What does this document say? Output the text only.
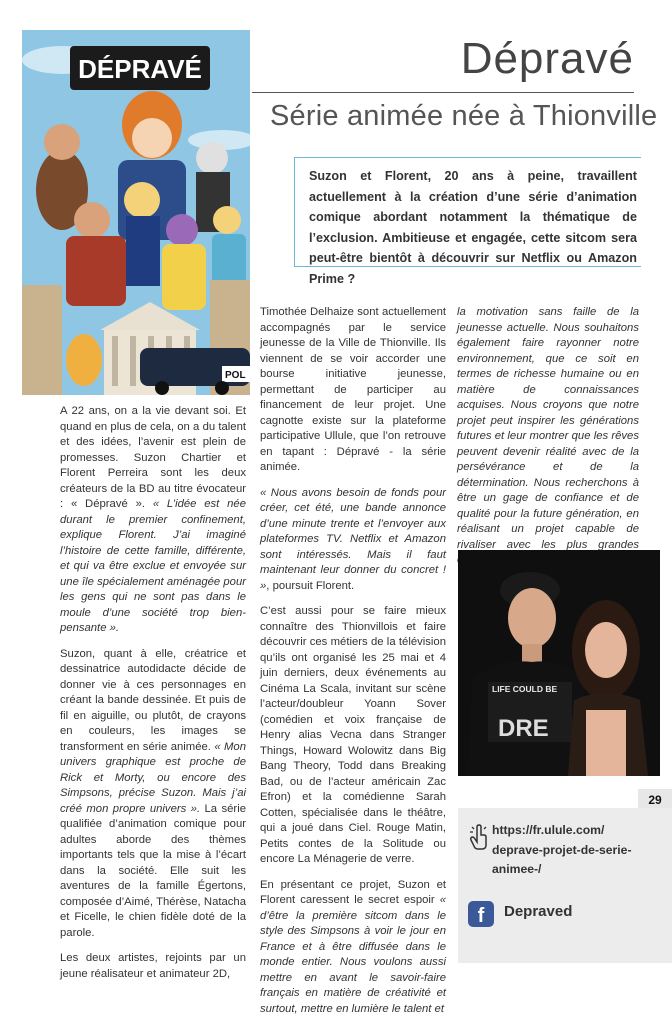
DÉPRAVÉ
POL
Dépravé
Série animée née à Thionville

Suzon et Florent, 20 ans à peine, travaillent actuellement à la création d’une série d’animation comique abordant notamment la thématique de l’exclusion. Ambitieuse et engagée, cette sitcom sera peut-être bientôt à découvrir sur Netflix ou Amazon Prime ?

A 22 ans, on a la vie devant soi. Et quand en plus de cela, on a du talent et des idées, l’avenir est plein de promesses. Suzon Chartier et Florent Perreira sont les deux créateurs de la BD au titre évocateur : « Dépravé ». « L’idée est née durant le premier confinement, explique Florent. J’ai imaginé l’histoire de cette famille, différente, et qui va être exclue et envoyée sur une île spécialement aménagée pour les gens qui ne sont pas dans le moule d’une société trop bien-pensante ».

Suzon, quant à elle, créatrice et dessinatrice autodidacte décide de donner vie à ces personnages en créant la bande dessinée. Et puis de fil en aiguille, ou plutôt, de crayons en couleurs, les images se transforment en série animée. « Mon univers graphique est proche de Rick et Morty, ou encore des Simpsons, précise Suzon. Mais j’ai créé mon propre univers ». La série qualifiée d’animation comique pour adultes aborde des thèmes importants tels que la mise à l’écart dans la société. Elle suit les aventures de la famille Égertons, composée d’Aimé, Thérèse, Natacha et Ficelle, le chien fidèle doté de la parole.

Les deux artistes, rejoints par un jeune réalisateur et animateur 2D,

Timothée Delhaize sont actuellement accompagnés par le service jeunesse de la Ville de Thionville. Ils viennent de se voir accorder une bourse initiative jeunesse, permettant de participer au financement de leur projet. Une cagnotte existe sur la plateforme participative Ullule, que l’on retrouve en tapant : Dépravé - la série animée.

« Nous avons besoin de fonds pour créer, cet été, une bande annonce d’une minute trente et l’envoyer aux plateformes TV. Netflix et Amazon sont intéressés. Mais il faut maintenant leur donner du concret ! », poursuit Florent.

C’est aussi pour se faire mieux connaître des Thionvillois et faire découvrir ces métiers de la télévision qu’ils ont organisé les 25 mai et 4 juin derniers, deux événements au Cinéma La Scala, invitant sur scène l’acteur/doubleur Yoann Sover (comédien et voix française de Henry alias Vecna dans Stranger Things, Howard Wolowitz dans Big Bang Theory, Todd dans Breaking Bad, ou de l’acteur américain Zac Efron) et la comédienne Sarah Cotten, spécialisée dans le théâtre, qui a joué dans Ciel. Rouge Matin, Petits contes de la Solitude ou encore La Ménagerie de verre.

En présentant ce projet, Suzon et Florent caressent le secret espoir « d’être la première sitcom dans le style des Simpsons à voir le jour en France et à être diffusée dans le monde entier. Nous voulons aussi mettre en avant le savoir-faire français en matière de créativité et surtout, mettre en lumière le talent et

la motivation sans faille de la jeunesse actuelle. Nous souhaitons également faire rayonner notre environnement, que ce soit en termes de richesse humaine ou en matière de connaissances acquises. Nous croyons que notre projet peut inspirer les générations futures et leur montrer que les rêves peuvent devenir réalité avec de la persévérance et de la détermination. Nous recherchons à être un gage de confiance et de qualité pour la future génération, en réalisant un projet capable de rivaliser avec les plus grandes

LIFE COULD BE
DRE
29
https://fr.ulule.com/
deprave-projet-de-serie-
animee-/
f	Depraved
